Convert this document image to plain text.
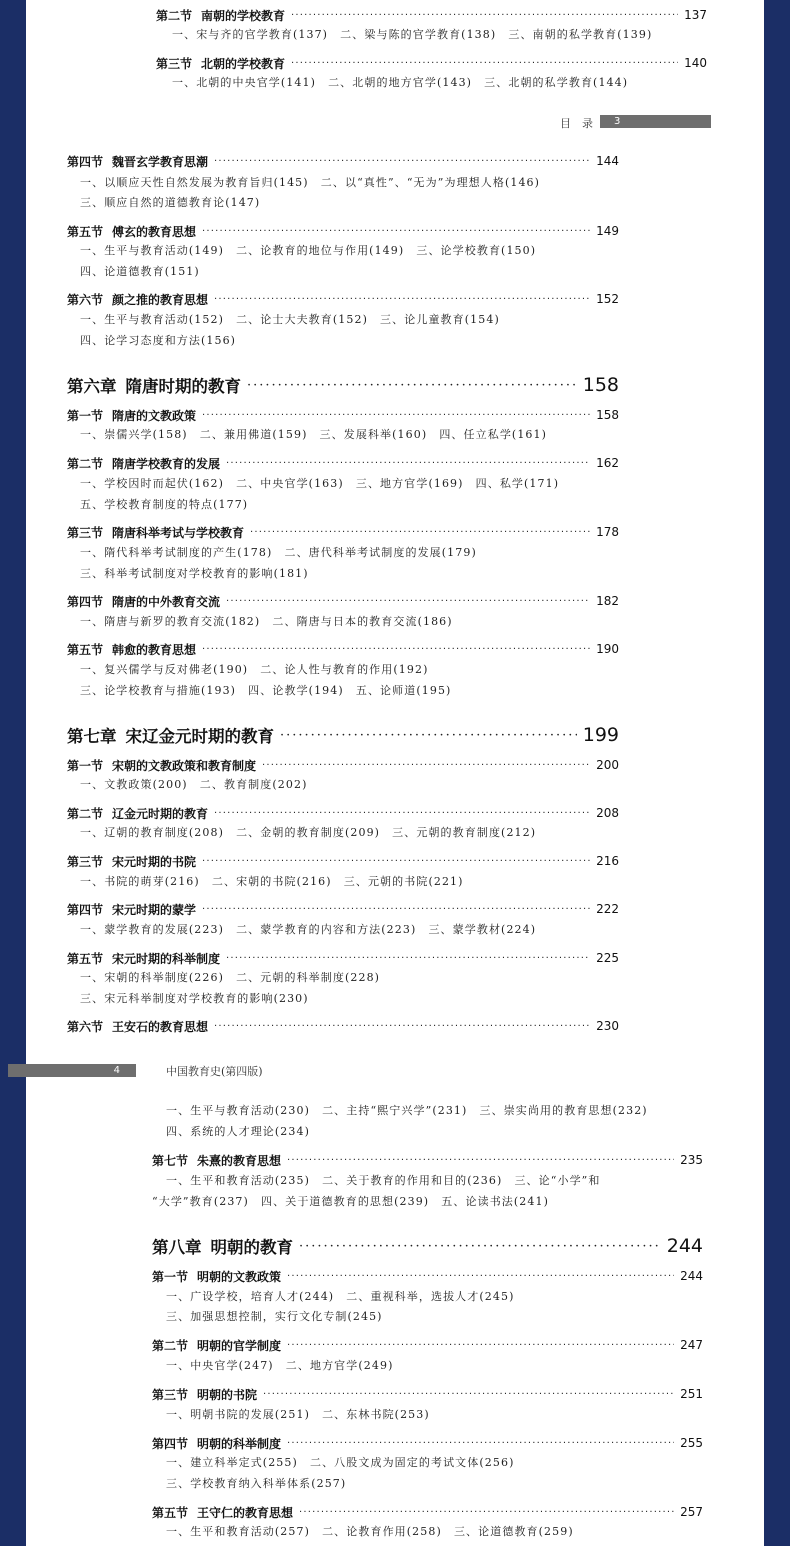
第二节 南朝的学校教育 ·····	137
一、宋与齐的官学教育(137)　二、梁与陈的官学教育(138)　三、南朝的私学教育(139)
第三节 北朝的学校教育 ·····	140
一、北朝的中央官学(141)　二、北朝的地方官学(143)　三、北朝的私学教育(144)
目　录 3
第四节 魏晋玄学教育思潮 ·····	144
一、以顺应天性自然发展为教育旨归(145)　二、以“真性”、“无为”为理想人格(146)
三、顺应自然的道德教育论(147)
第五节 傅玄的教育思想 ·····	149
一、生平与教育活动(149)　二、论教育的地位与作用(149)　三、论学校教育(150)
四、论道德教育(151)
第六节 颜之推的教育思想 ·····	152
一、生平与教育活动(152)　二、论士大夫教育(152)　三、论儿童教育(154)
四、论学习态度和方法(156)
第六章 隋唐时期的教育 ·····	158
第一节 隋唐的文教政策 ·····	158
一、崇儒兴学(158)　二、兼用佛道(159)　三、发展科举(160)　四、任立私学(161)
第二节 隋唐学校教育的发展 ·····	162
一、学校因时而起伏(162)　二、中央官学(163)　三、地方官学(169)　四、私学(171)
五、学校教育制度的特点(177)
第三节 隋唐科举考试与学校教育 ·····	178
一、隋代科举考试制度的产生(178)　二、唐代科举考试制度的发展(179)
三、科举考试制度对学校教育的影响(181)
第四节 隋唐的中外教育交流 ·····	182
一、隋唐与新罗的教育交流(182)　二、隋唐与日本的教育交流(186)
第五节 韩愈的教育思想 ·····	190
一、复兴儒学与反对佛老(190)　二、论人性与教育的作用(192)
三、论学校教育与措施(193)　四、论教学(194)　五、论师道(195)
第七章 宋辽金元时期的教育 ·····	199
第一节 宋朝的文教政策和教育制度 ·····	200
一、文教政策(200)　二、教育制度(202)
第二节 辽金元时期的教育 ·····	208
一、辽朝的教育制度(208)　二、金朝的教育制度(209)　三、元朝的教育制度(212)
第三节 宋元时期的书院 ·····	216
一、书院的萌芽(216)　二、宋朝的书院(216)　三、元朝的书院(221)
第四节 宋元时期的蒙学 ·····	222
一、蒙学教育的发展(223)　二、蒙学教育的内容和方法(223)　三、蒙学教材(224)
第五节 宋元时期的科举制度 ·····	225
一、宋朝的科举制度(226)　二、元朝的科举制度(228)
三、宋元科举制度对学校教育的影响(230)
第六节 王安石的教育思想 ·····	230
4	中国教育史(第四版)
一、生平与教育活动(230)　二、主持“熙宁兴学”(231)　三、崇实尚用的教育思想(232)
四、系统的人才理论(234)
第七节 朱熹的教育思想 ·····	235
一、生平和教育活动(235)　二、关于教育的作用和目的(236)　三、论“小学”和
“大学”教育(237)　四、关于道德教育的思想(239)　五、论读书法(241)
第八章 明朝的教育 ·····	244
第一节 明朝的文教政策 ·····	244
一、广设学校，培育人才(244)　二、重视科举，选拔人才(245)
三、加强思想控制，实行文化专制(245)
第二节 明朝的官学制度 ·····	247
一、中央官学(247)　二、地方官学(249)
第三节 明朝的书院 ·····	251
一、明朝书院的发展(251)　二、东林书院(253)
第四节 明朝的科举制度 ·····	255
一、建立科举定式(255)　二、八股文成为固定的考试文体(256)
三、学校教育纳入科举体系(257)
第五节 王守仁的教育思想 ·····	257
一、生平和教育活动(257)　二、论教育作用(258)　三、论道德教育(259)
